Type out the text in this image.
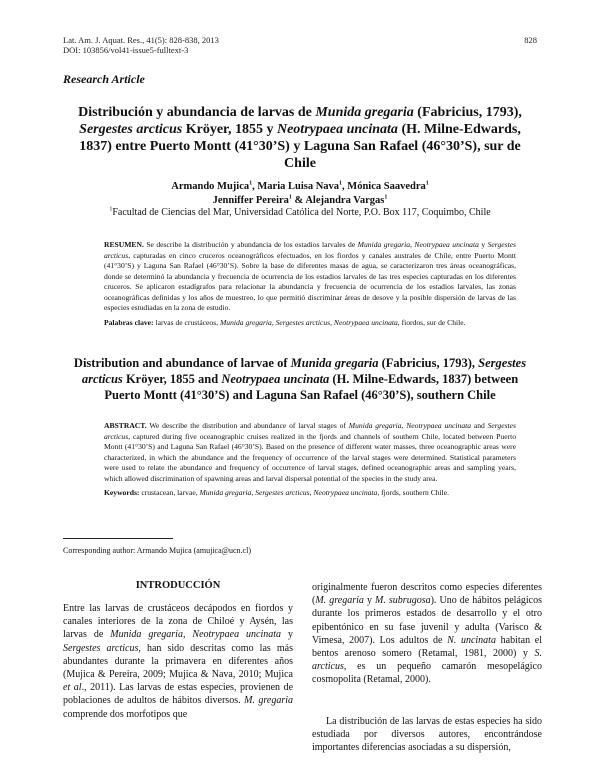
Lat. Am. J. Aquat. Res., 41(5): 828-838, 2013
DOI: 103856/vol41-issue5-fulltext-3
828
Research Article
Distribución y abundancia de larvas de Munida gregaria (Fabricius, 1793),
Sergestes arcticus Kröyer, 1855 y Neotrypaea uncinata (H. Milne-Edwards,
1837) entre Puerto Montt (41°30’S) y Laguna San Rafael (46°30’S), sur de Chile
Armando Mujica$^1$, Maria Luisa Nava$^1$, Mónica Saavedra$^1$
Jenniffer Pereira$^1$ & Alejandra Vargas$^1$
$^1$Facultad de Ciencias del Mar, Universidad Católica del Norte, P.O. Box 117, Coquimbo, Chile
RESUMEN. Se describe la distribución y abundancia de los estadios larvales de Munida gregaria, Neotrypaea uncinata y Sergestes arcticus, capturadas en cinco cruceros oceanográficos efectuados, en los fiordos y canales australes de Chile, entre Puerto Montt (41°30’S) y Laguna San Rafael (46°30’S). Sobre la base de diferentes masas de agua, se caracterizaron tres áreas oceanográficas, donde se determinó la abundancia y frecuencia de ocurrencia de los estadios larvales de las tres especies capturadas en los diferentes cruceros. Se aplicaron estadígrafos para relacionar la abundancia y frecuencia de ocurrencia de los estadios larvales, las zonas oceanográficas definidas y los años de muestreo, lo que permitió discriminar áreas de desove y la posible dispersión de larvas de las especies estudiadas en la zona de estudio.
Palabras clave: larvas de crustáceos, Munida gregaria, Sergestes arcticus, Neotrypaea uncinata, fiordos, sur de Chile.
Distribution and abundance of larvae of Munida gregaria (Fabricius, 1793), Sergestes arcticus Kröyer, 1855 and Neotrypaea uncinata (H. Milne-Edwards, 1837) between Puerto Montt (41°30’S) and Laguna San Rafael (46°30’S), southern Chile
ABSTRACT. We describe the distribution and abundance of larval stages of Munida gregaria, Neotrypaea uncinata and Sergestes arcticus, captured during five oceanographic cruises realized in the fjords and channels of southern Chile, located between Puerto Montt (41°30’S) and Laguna San Rafael (46°30’S). Based on the presence of different water masses, three oceanographic areas were characterized, in which the abundance and the frequency of occurrence of the larval stages were determined. Statistical parameters were used to relate the abundance and frequency of occurrence of larval stages, defined oceanographic areas and sampling years, which allowed discrimination of spawning areas and larval dispersal potential of the species in the study area.
Keywords: crustacean, larvae, Munida gregaria, Sergestes arcticus, Neotrypaea uncinata, fjords, southern Chile.
Corresponding author: Armando Mujica (amujica@ucn.cl)
INTRODUCCIÓN
Entre las larvas de crustáceos decápodos en fiordos y canales interiores de la zona de Chiloé y Aysén, las larvas de Munida gregaria, Neotrypaea uncinata y Sergestes arcticus, han sido descritas como las más abundantes durante la primavera en diferentes años (Mujica & Pereira, 2009; Mujica & Nava, 2010; Mujica et al., 2011). Las larvas de estas especies, provienen de poblaciones de adultos de hábitos diversos. M. gregaria comprende dos morfotipos que
originalmente fueron descritos como especies diferentes (M. gregaria y M. subrugosa). Uno de hábitos pelágicos durante los primeros estados de desarrollo y el otro epibentónico en su fase juvenil y adulta (Varisco & Vimesa, 2007). Los adultos de N. uncinata habitan el bentos arenoso somero (Retamal, 1981, 2000) y S. arcticus, es un pequeño camarón mesopelágico cosmopolita (Retamal, 2000).
La distribución de las larvas de estas especies ha sido estudiada por diversos autores, encontrándose importantes diferencias asociadas a su dispersión,
